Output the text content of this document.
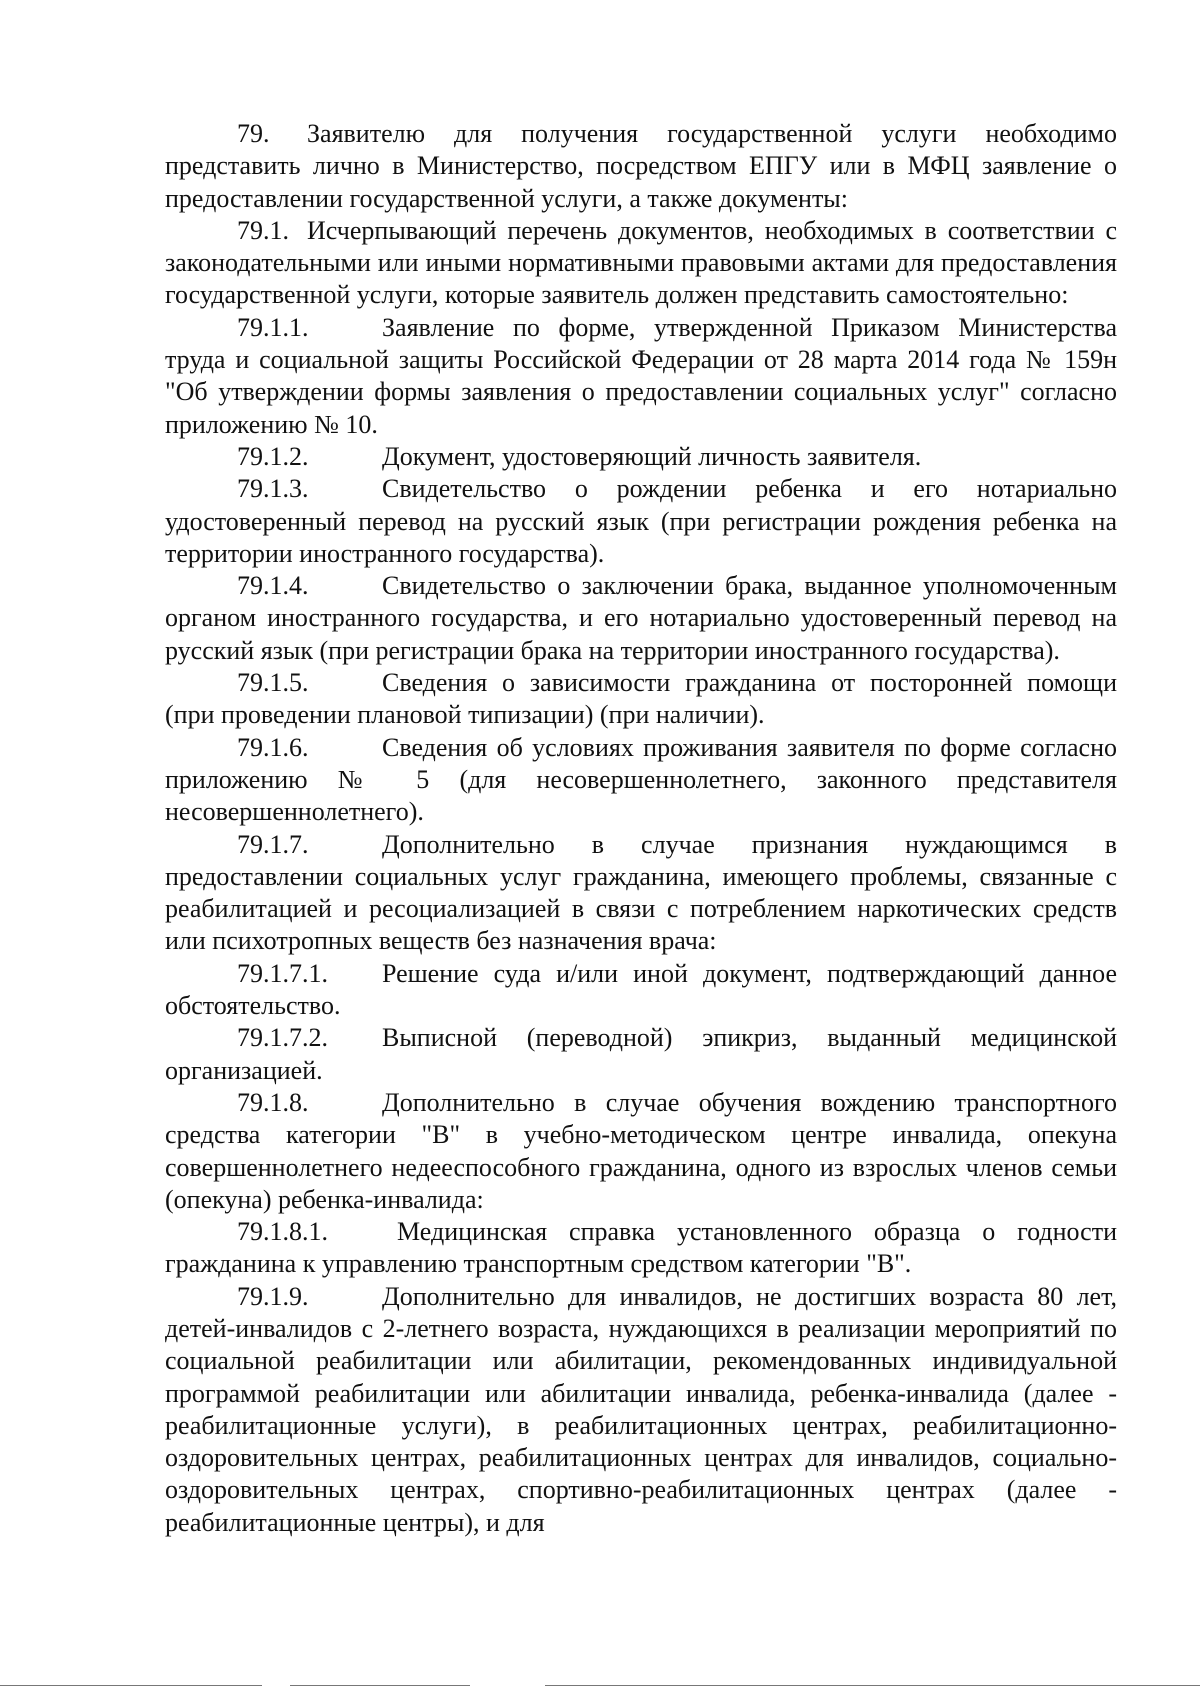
79. Заявителю для получения государственной услуги необходимо представить лично в Министерство, посредством ЕПГУ или в МФЦ заявление о предоставлении государственной услуги, а также документы:

79.1. Исчерпывающий перечень документов, необходимых в соответствии с законодательными или иными нормативными правовыми актами для предоставления государственной услуги, которые заявитель должен представить самостоятельно:

79.1.1.	Заявление по форме, утвержденной Приказом Министерства труда и социальной защиты Российской Федерации от 28 марта 2014 года № 159н "Об утверждении формы заявления о предоставлении социальных услуг" согласно приложению № 10.

79.1.2.	Документ, удостоверяющий личность заявителя.

79.1.3.	Свидетельство о рождении ребенка и его нотариально удостоверенный перевод на русский язык (при регистрации рождения ребенка на территории иностранного государства).

79.1.4.	Свидетельство о заключении брака, выданное уполномоченным органом иностранного государства, и его нотариально удостоверенный перевод на русский язык (при регистрации брака на территории иностранного государства).

79.1.5.	Сведения о зависимости гражданина от посторонней помощи (при проведении плановой типизации) (при наличии).

79.1.6.	Сведения об условиях проживания заявителя по форме согласно приложению № 5 (для несовершеннолетнего, законного представителя несовершеннолетнего).

79.1.7.	Дополнительно в случае признания нуждающимся в предоставлении социальных услуг гражданина, имеющего проблемы, связанные с реабилитацией и ресоциализацией в связи с потреблением наркотических средств или психотропных веществ без назначения врача:

79.1.7.1. Решение суда и/или иной документ, подтверждающий данное обстоятельство.

79.1.7.2. Выписной (переводной) эпикриз, выданный медицинской организацией.

79.1.8.	Дополнительно в случае обучения вождению транспортного средства категории "В" в учебно-методическом центре инвалида, опекуна совершеннолетнего недееспособного гражданина, одного из взрослых членов семьи (опекуна) ребенка-инвалида:

79.1.8.1.	Медицинская справка установленного образца о годности гражданина к управлению транспортным средством категории "В".

79.1.9.	Дополнительно для инвалидов, не достигших возраста 80 лет, детей-инвалидов с 2-летнего возраста, нуждающихся в реализации мероприятий по социальной реабилитации или абилитации, рекомендованных индивидуальной программой реабилитации или абилитации инвалида, ребенка-инвалида (далее - реабилитационные услуги), в реабилитационных центрах, реабилитационно-оздоровительных центрах, реабилитационных центрах для инвалидов, социально-оздоровительных центрах, спортивно-реабилитационных центрах (далее - реабилитационные центры), и для
